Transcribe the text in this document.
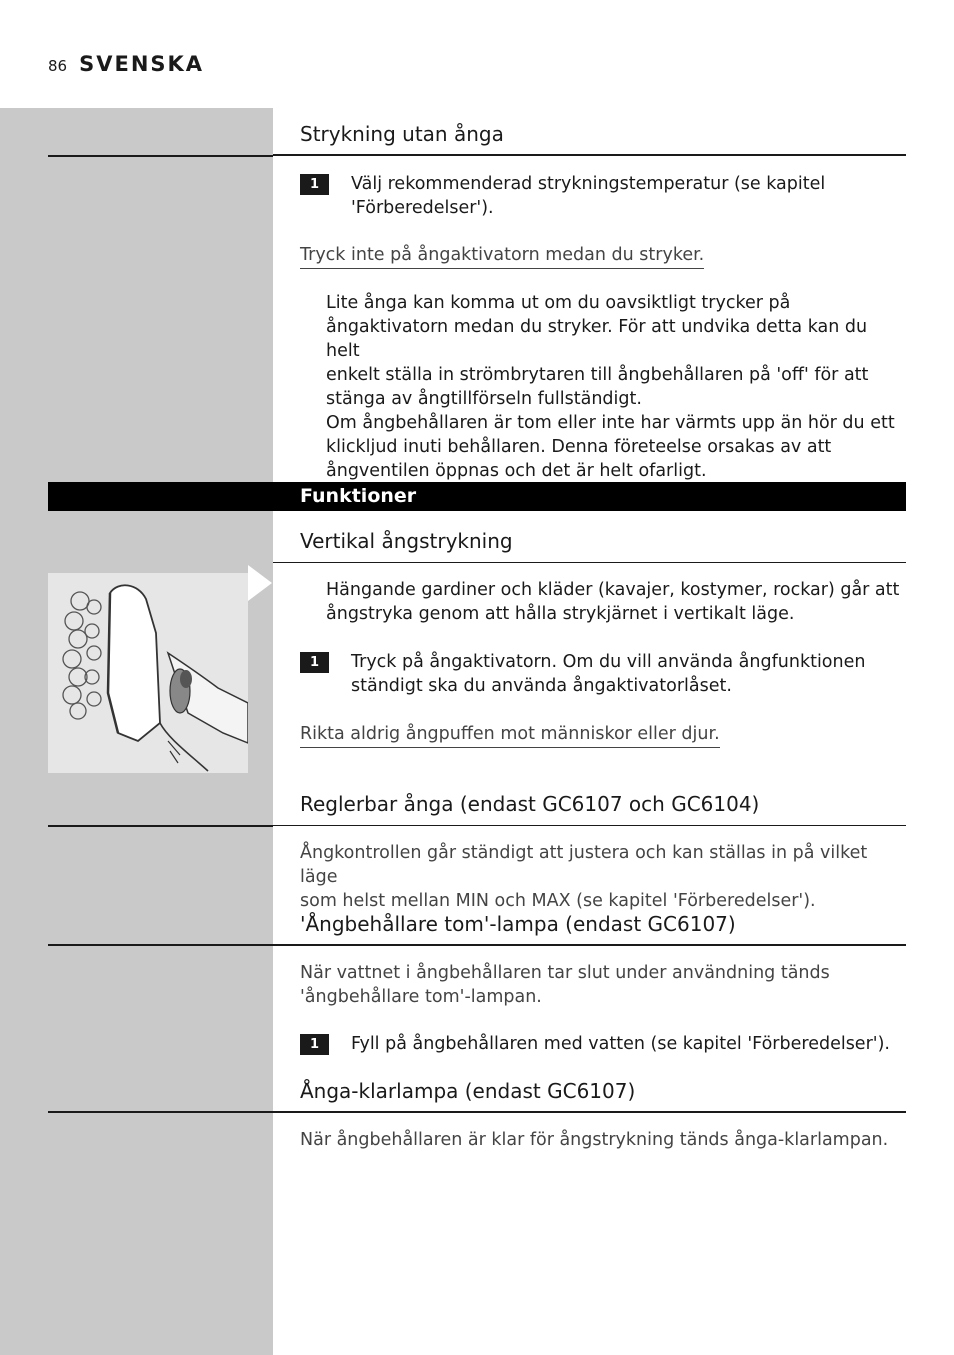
86 SVENSKA
Strykning utan ånga
1	Välj rekommenderad strykningstemperatur (se kapitel 'Förberedelser').
Tryck inte på ångaktivatorn medan du stryker.
Lite ånga kan komma ut om du oavsiktligt trycker på
ångaktivatorn medan du stryker. För att undvika detta kan du helt
enkelt ställa in strömbrytaren till ångbehållaren på 'off' för att
stänga av ångtillförseln fullständigt.
Om ångbehållaren är tom eller inte har värmts upp än hör du ett
klickljud inuti behållaren. Denna företeelse orsakas av att
ångventilen öppnas och det är helt ofarligt.
Funktioner
Vertikal ångstrykning
Hängande gardiner och kläder (kavajer, kostymer, rockar) går att
ångstryka genom att hålla strykjärnet i vertikalt läge.
1	Tryck på ångaktivatorn. Om du vill använda ångfunktionen
ständigt ska du använda ångaktivatorlåset.
Rikta aldrig ångpuffen mot människor eller djur.
Reglerbar ånga (endast GC6107 och GC6104)
Ångkontrollen går ständigt att justera och kan ställas in på vilket läge
som helst mellan MIN och MAX (se kapitel 'Förberedelser').
'Ångbehållare tom'-lampa (endast GC6107)
När vattnet i ångbehållaren tar slut under användning tänds
'ångbehållare tom'-lampan.
1	Fyll på ångbehållaren med vatten (se kapitel 'Förberedelser').
Ånga-klarlampa (endast GC6107)
När ångbehållaren är klar för ångstrykning tänds ånga-klarlampan.
